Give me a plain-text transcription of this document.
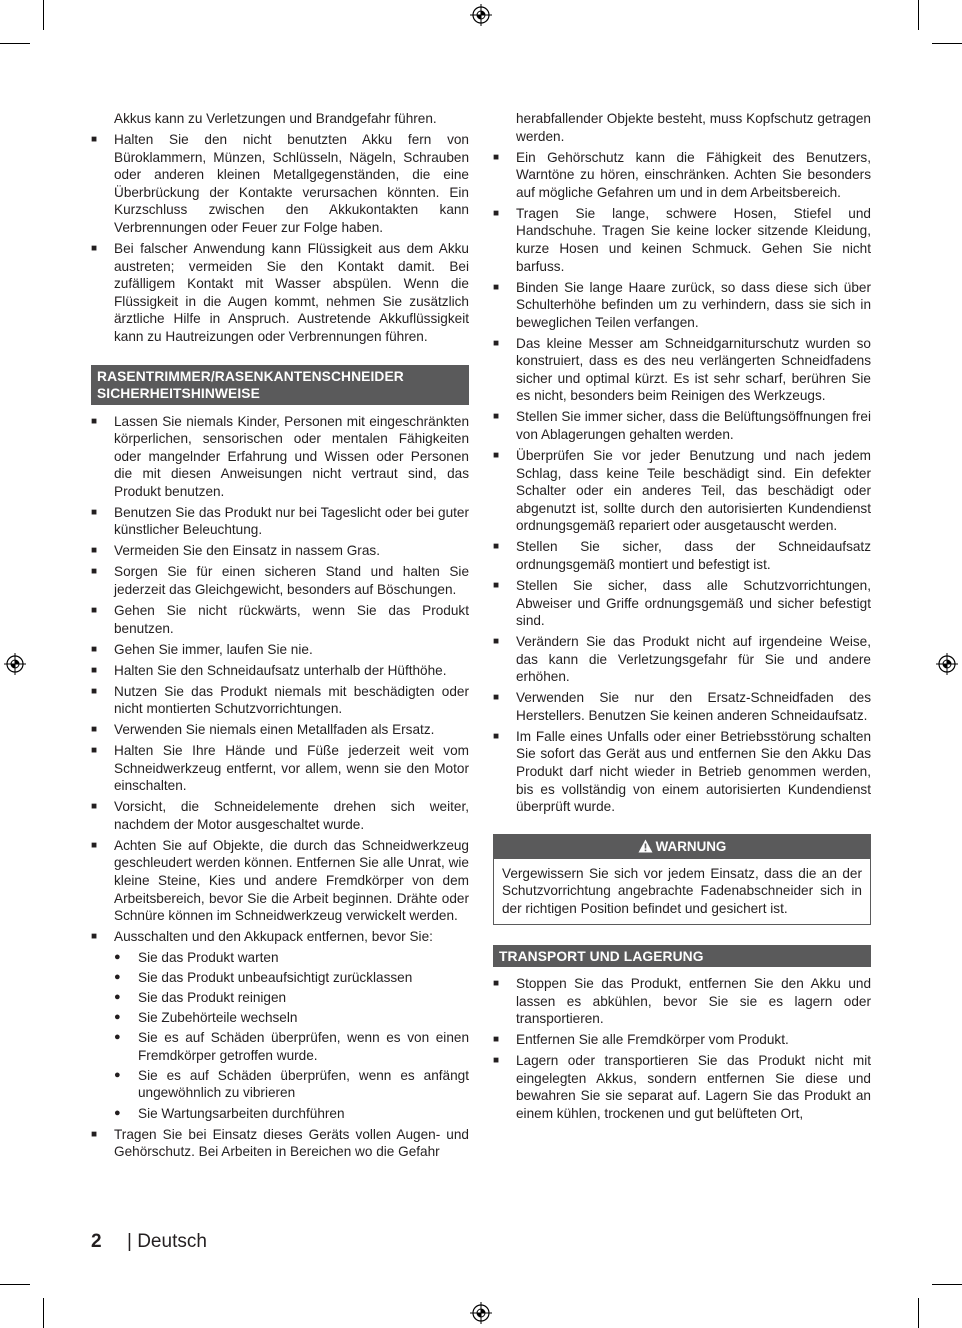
Akkus kann zu Verletzungen und Brandgefahr führen.
■ Halten Sie den nicht benutzten Akku fern von Büroklammern, Münzen, Schlüsseln, Nägeln, Schrauben oder anderen kleinen Metallgegenständen, die eine Überbrückung der Kontakte verursachen könnten. Ein Kurzschluss zwischen den Akkukontakten kann Verbrennungen oder Feuer zur Folge haben.
■ Bei falscher Anwendung kann Flüssigkeit aus dem Akku austreten; vermeiden Sie den Kontakt damit. Bei zufälligem Kontakt mit Wasser abspülen. Wenn die Flüssigkeit in die Augen kommt, nehmen Sie zusätzlich ärztliche Hilfe in Anspruch. Austretende Akkuflüssigkeit kann zu Hautreizungen oder Verbrennungen führen.
RASENTRIMMER/RASENKANTENSCHNEIDER SICHERHEITSHINWEISE
■ Lassen Sie niemals Kinder, Personen mit eingeschränkten körperlichen, sensorischen oder mentalen Fähigkeiten oder mangelnder Erfahrung und Wissen oder Personen die mit diesen Anweisungen nicht vertraut sind, das Produkt benutzen.
■ Benutzen Sie das Produkt nur bei Tageslicht oder bei guter künstlicher Beleuchtung.
■ Vermeiden Sie den Einsatz in nassem Gras.
■ Sorgen Sie für einen sicheren Stand und halten Sie jederzeit das Gleichgewicht, besonders auf Böschungen.
■ Gehen Sie nicht rückwärts, wenn Sie das Produkt benutzen.
■ Gehen Sie immer, laufen Sie nie.
■ Halten Sie den Schneidaufsatz unterhalb der Hüfthöhe.
■ Nutzen Sie das Produkt niemals mit beschädigten oder nicht montierten Schutzvorrichtungen.
■ Verwenden Sie niemals einen Metallfaden als Ersatz.
■ Halten Sie Ihre Hände und Füße jederzeit weit vom Schneidwerkzeug entfernt, vor allem, wenn sie den Motor einschalten.
■ Vorsicht, die Schneidelemente drehen sich weiter, nachdem der Motor ausgeschaltet wurde.
■ Achten Sie auf Objekte, die durch das Schneidwerkzeug geschleudert werden können. Entfernen Sie alle Unrat, wie kleine Steine, Kies und andere Fremdkörper von dem Arbeitsbereich, bevor Sie die Arbeit beginnen. Drähte oder Schnüre können im Schneidwerkzeug verwickelt werden.
■ Ausschalten und den Akkupack entfernen, bevor Sie:
● Sie das Produkt warten
● Sie das Produkt unbeaufsichtigt zurücklassen
● Sie das Produkt reinigen
● Sie Zubehörteile wechseln
● Sie es auf Schäden überprüfen, wenn es von einen Fremdkörper getroffen wurde.
● Sie es auf Schäden überprüfen, wenn es anfängt ungewöhnlich zu vibrieren
● Sie Wartungsarbeiten durchführen
■ Tragen Sie bei Einsatz dieses Geräts vollen Augen- und Gehörschutz. Bei Arbeiten in Bereichen wo die Gefahr
herabfallender Objekte besteht, muss Kopfschutz getragen werden.
■ Ein Gehörschutz kann die Fähigkeit des Benutzers, Warntöne zu hören, einschränken. Achten Sie besonders auf mögliche Gefahren um und in dem Arbeitsbereich.
■ Tragen Sie lange, schwere Hosen, Stiefel und Handschuhe. Tragen Sie keine locker sitzende Kleidung, kurze Hosen und keinen Schmuck. Gehen Sie nicht barfuss.
■ Binden Sie lange Haare zurück, so dass diese sich über Schulterhöhe befinden um zu verhindern, dass sie sich in beweglichen Teilen verfangen.
■ Das kleine Messer am Schneidgarniturschutz wurden so konstruiert, dass es des neu verlängerten Schneidfadens sicher und optimal kürzt. Es ist sehr scharf, berühren Sie es nicht, besonders beim Reinigen des Werkzeugs.
■ Stellen Sie immer sicher, dass die Belüftungsöffnungen frei von Ablagerungen gehalten werden.
■ Überprüfen Sie vor jeder Benutzung und nach jedem Schlag, dass keine Teile beschädigt sind. Ein defekter Schalter oder ein anderes Teil, das beschädigt oder abgenutzt ist, sollte durch den autorisierten Kundendienst ordnungsgemäß repariert oder ausgetauscht werden.
■ Stellen Sie sicher, dass der Schneidaufsatz ordnungsgemäß montiert und befestigt ist.
■ Stellen Sie sicher, dass alle Schutzvorrichtungen, Abweiser und Griffe ordnungsgemäß und sicher befestigt sind.
■ Verändern Sie das Produkt nicht auf irgendeine Weise, das kann die Verletzungsgefahr für Sie und andere erhöhen.
■ Verwenden Sie nur den Ersatz-Schneidfaden des Herstellers. Benutzen Sie keinen anderen Schneidaufsatz.
■ Im Falle eines Unfalls oder einer Betriebsstörung schalten Sie sofort das Gerät aus und entfernen Sie den Akku Das Produkt darf nicht wieder in Betrieb genommen werden, bis es vollständig von einem autorisierten Kundendienst überprüft wurde.
WARNUNG
Vergewissern Sie sich vor jedem Einsatz, dass die an der Schutzvorrichtung angebrachte Fadenabschneider sich in der richtigen Position befindet und gesichert ist.
TRANSPORT UND LAGERUNG
■ Stoppen Sie das Produkt, entfernen Sie den Akku und lassen es abkühlen, bevor Sie sie es lagern oder transportieren.
■ Entfernen Sie alle Fremdkörper vom Produkt.
■ Lagern oder transportieren Sie das Produkt nicht mit eingelegten Akkus, sondern entfernen Sie diese und bewahren Sie sie separat auf. Lagern Sie das Produkt an einem kühlen, trockenen und gut belüfteten Ort,
2 | Deutsch
